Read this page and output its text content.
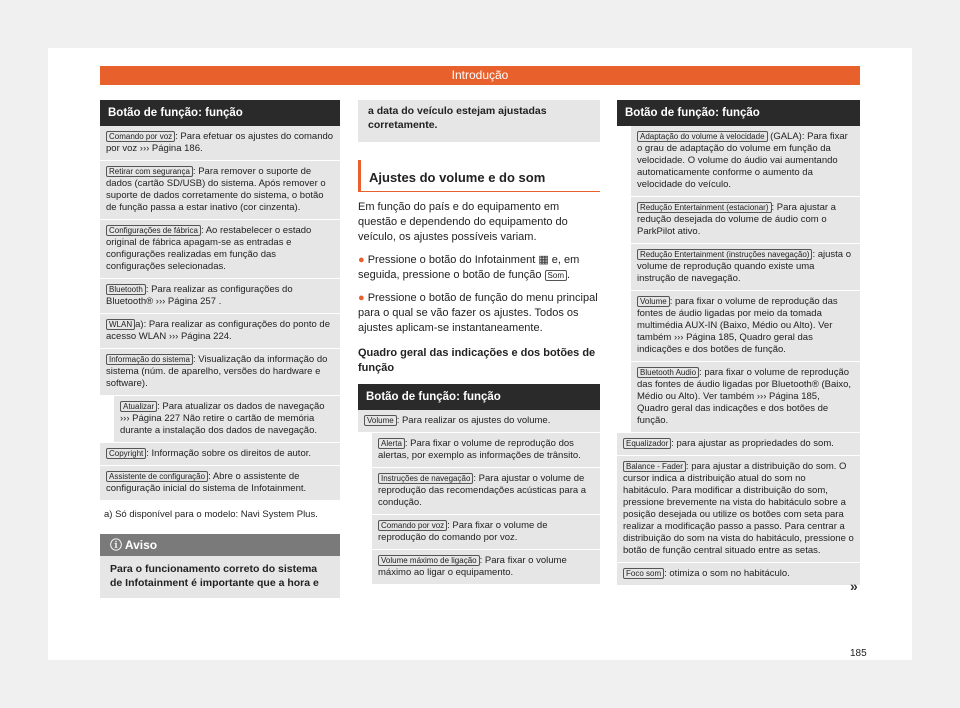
Introdução
Botão de função: função
Comando por voz : Para efetuar os ajustes do comando por voz ››› Página 186.
Retirar com segurança : Para remover o suporte de dados (cartão SD/USB) do sistema. Após remover o suporte de dados corretamente do sistema, o botão de função passa a estar inativo (cor cinzenta).
Configurações de fábrica : Ao restabelecer o estado original de fábrica apagam-se as entradas e configurações realizadas em função das configurações selecionadas.
Bluetooth : Para realizar as configurações do Bluetooth® ››› Página 257 .
WLAN a): Para realizar as configurações do ponto de acesso WLAN ››› Página 224.
Informação do sistema : Visualização da informação do sistema (núm. de aparelho, versões do hardware e software).
Atualizar : Para atualizar os dados de navegação ››› Página 227 Não retire o cartão de memória durante a instalação dos dados de navegação.
Copyright : Informação sobre os direitos de autor.
Assistente de configuração : Abre o assistente de configuração inicial do sistema de Infotainment.
a) Só disponível para o modelo: Navi System Plus.
ⓘ Aviso
Para o funcionamento correto do sistema de Infotainment é importante que a hora e
a data do veículo estejam ajustadas corretamente.
Ajustes do volume e do som
Em função do país e do equipamento em questão e dependendo do equipamento do veículo, os ajustes possíveis variam.
● Pressione o botão do Infotainment ▦ e, em seguida, pressione o botão de função Som .
● Pressione o botão de função do menu principal para o qual se vão fazer os ajustes. Todos os ajustes aplicam-se instantaneamente.
Quadro geral das indicações e dos botões de função
Botão de função: função
Volume : Para realizar os ajustes do volume.
Alerta : Para fixar o volume de reprodução dos alertas, por exemplo as informações de trânsito.
Instruções de navegação : Para ajustar o volume de reprodução das recomendações acústicas para a condução.
Comando por voz : Para fixar o volume de reprodução do comando por voz.
Volume máximo de ligação : Para fixar o volume máximo ao ligar o equipamento.
Botão de função: função
Adaptação do volume à velocidade (GALA): Para fixar o grau de adaptação do volume em função da velocidade. O volume do áudio vai aumentando automaticamente conforme o aumento da velocidade do veículo.
Redução Entertainment (estacionar) : Para ajustar a redução desejada do volume de áudio com o ParkPilot ativo.
Redução Entertainment (instruções navegação) : ajusta o volume de reprodução quando existe uma instrução de navegação.
Volume : para fixar o volume de reprodução das fontes de áudio ligadas por meio da tomada multimédia AUX-IN (Baixo, Médio ou Alto). Ver também ››› Página 185, Quadro geral das indicações e dos botões de função.
Bluetooth Audio : para fixar o volume de reprodução das fontes de áudio ligadas por Bluetooth® (Baixo, Médio ou Alto). Ver também ››› Página 185, Quadro geral das indicações e dos botões de função.
Equalizador : para ajustar as propriedades do som.
Balance - Fader : para ajustar a distribuição do som. O cursor indica a distribuição atual do som no habitáculo. Para modificar a distribuição do som, pressione brevemente na vista do habitáculo sobre a posição desejada ou utilize os botões com seta para realizar a modificação passo a passo. Para centrar a distribuição do som na vista do habitáculo, pressione o botão de função central situado entre as setas.
Foco som : otimiza o som no habitáculo.
»
185
